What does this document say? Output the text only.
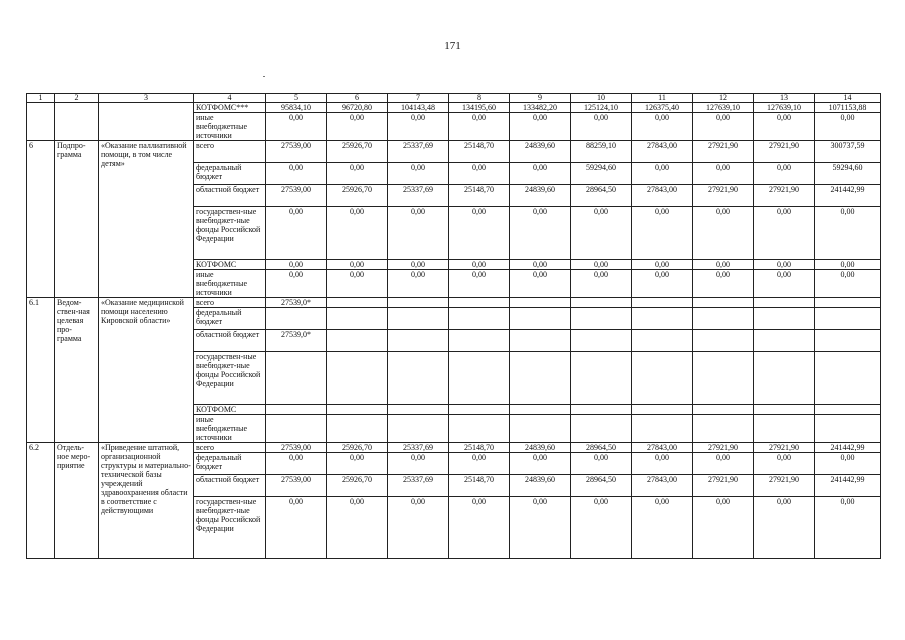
171
1	2	3	4	5	6	7	8	9	10	11	12	13	14
			КОТФОМС***	95834,10	96720,80	104143,48	134195,60	133482,20	125124,10	126375,40	127639,10	127639,10	1071153,88
			иные внебюджетные источники	0,00	0,00	0,00	0,00	0,00	0,00	0,00	0,00	0,00	0,00
6	Подпро-грамма	«Оказание паллиативной помощи, в том числе детям»	всего	27539,00	25926,70	25337,69	25148,70	24839,60	88259,10	27843,00	27921,90	27921,90	300737,59
			федеральный бюджет	0,00	0,00	0,00	0,00	0,00	59294,60	0,00	0,00	0,00	59294,60
			областной бюджет	27539,00	25926,70	25337,69	25148,70	24839,60	28964,50	27843,00	27921,90	27921,90	241442,99
			государствен-ные внебюджет-ные фонды Российской Федерации	0,00	0,00	0,00	0,00	0,00	0,00	0,00	0,00	0,00	0,00
			КОТФОМС	0,00	0,00	0,00	0,00	0,00	0,00	0,00	0,00	0,00	0,00
			иные внебюджетные источники	0,00	0,00	0,00	0,00	0,00	0,00	0,00	0,00	0,00	0,00
6.1	Ведом-ствен-ная целевая про-грамма	«Оказание медицинской помощи населению Кировской области»	всего	27539,0*									
			федеральный бюджет										
			областной бюджет	27539,0*									
			государствен-ные внебюджет-ные фонды Российской Федерации										
			КОТФОМС										
			иные внебюджетные источники										
6.2	Отдель-ное меро-приятие	«Приведение штатной, организационной структуры и материально-технической базы учреждений здравоохранения области в соответствие с действующими	всего	27539,00	25926,70	25337,69	25148,70	24839,60	28964,50	27843,00	27921,90	27921,90	241442,99
			федеральный бюджет	0,00	0,00	0,00	0,00	0,00	0,00	0,00	0,00	0,00	0,00
			областной бюджет	27539,00	25926,70	25337,69	25148,70	24839,60	28964,50	27843,00	27921,90	27921,90	241442,99
			государствен-ные внебюджет-ные фонды Российской Федерации	0,00	0,00	0,00	0,00	0,00	0,00	0,00	0,00	0,00	0,00
